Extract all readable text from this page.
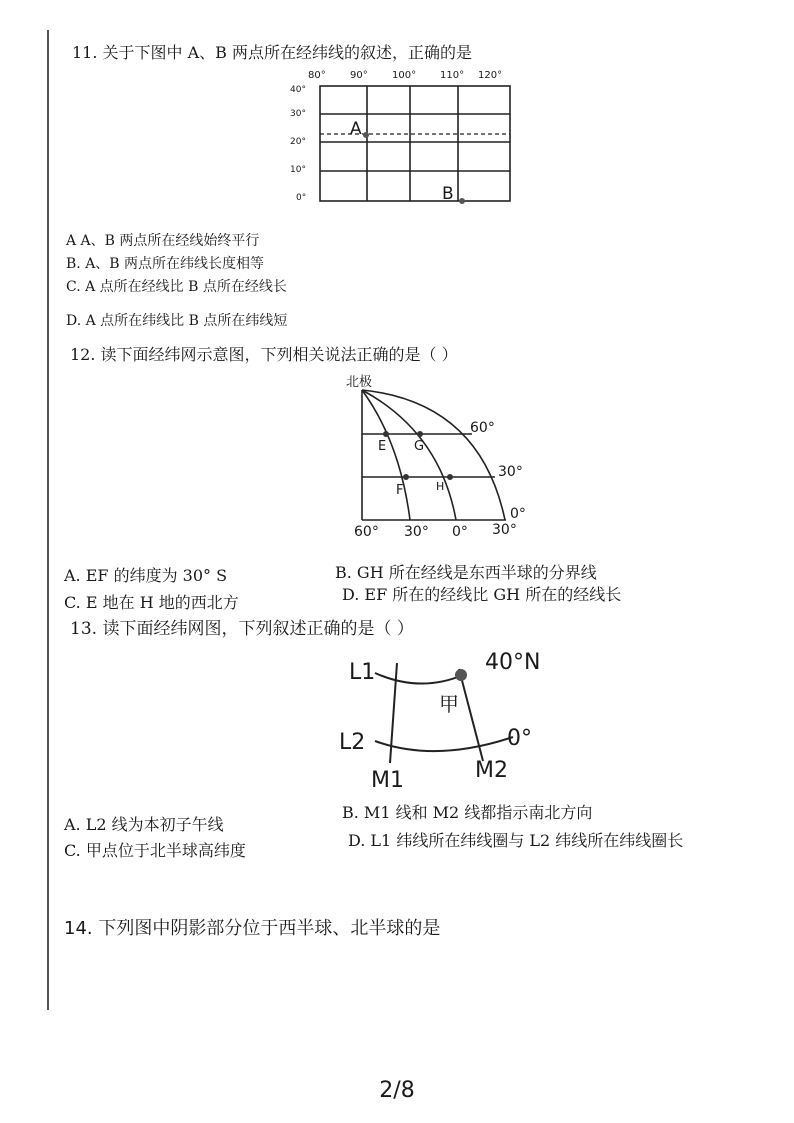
11. 关于下图中 A、B 两点所在经纬线的叙述，正确的是
80° 90° 100° 110° 120°
40°
30°
20°
10°
0°
A
B
A A、B 两点所在经线始终平行
B. A、B 两点所在纬线长度相等
C. A 点所在经线比 B 点所在经线长
D. A 点所在纬线比 B 点所在纬线短
12. 读下面经纬网示意图，下列相关说法正确的是（ ）
北极
60°
30°
0°
60° 30° 0° 30°
E G
F	H
A. EF 的纬度为 30° S	B. GH 所在经线是东西半球的分界线
C. E 地在 H 地的西北方	D. EF 所在的经线比 GH 所在的经线长
13. 读下面经纬网图，下列叙述正确的是（ ）
L1
L2
M1	M2
40°N
0°
甲
A. L2 线为本初子午线
B. M1 线和 M2 线都指示南北方向
C. 甲点位于北半球高纬度
D. L1 纬线所在纬线圈与 L2 纬线所在纬线圈长
14. 下列图中阴影部分位于西半球、北半球的是
2/8
